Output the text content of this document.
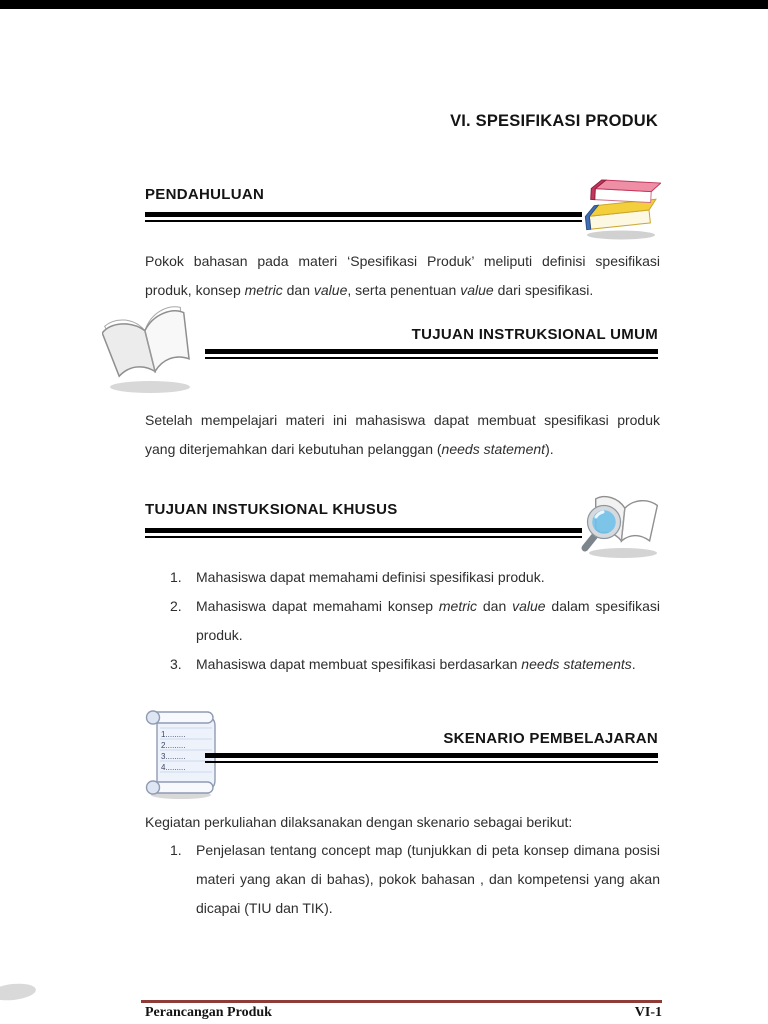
VI. SPESIFIKASI PRODUK
PENDAHULUAN
Pokok bahasan pada materi ‘Spesifikasi Produk’ meliputi definisi spesifikasi
produk, konsep metric dan value, serta penentuan value dari spesifikasi.
TUJUAN INSTRUKSIONAL UMUM
Setelah mempelajari materi ini mahasiswa dapat membuat spesifikasi produk
yang diterjemahkan dari kebutuhan pelanggan (needs statement).
TUJUAN INSTUKSIONAL KHUSUS
1.	Mahasiswa dapat memahami definisi spesifikasi produk.
2.	Mahasiswa dapat memahami konsep metric dan value dalam spesifikasi
produk.
3.	Mahasiswa dapat membuat spesifikasi berdasarkan needs statements.
1.........
2.........
3.........
4.........
SKENARIO PEMBELAJARAN
Kegiatan perkuliahan dilaksanakan dengan skenario sebagai berikut:
1.	Penjelasan tentang concept map (tunjukkan di peta konsep dimana posisi
materi yang akan di bahas), pokok bahasan , dan kompetensi yang akan
dicapai (TIU dan TIK).
Perancangan Produk	VI-1
